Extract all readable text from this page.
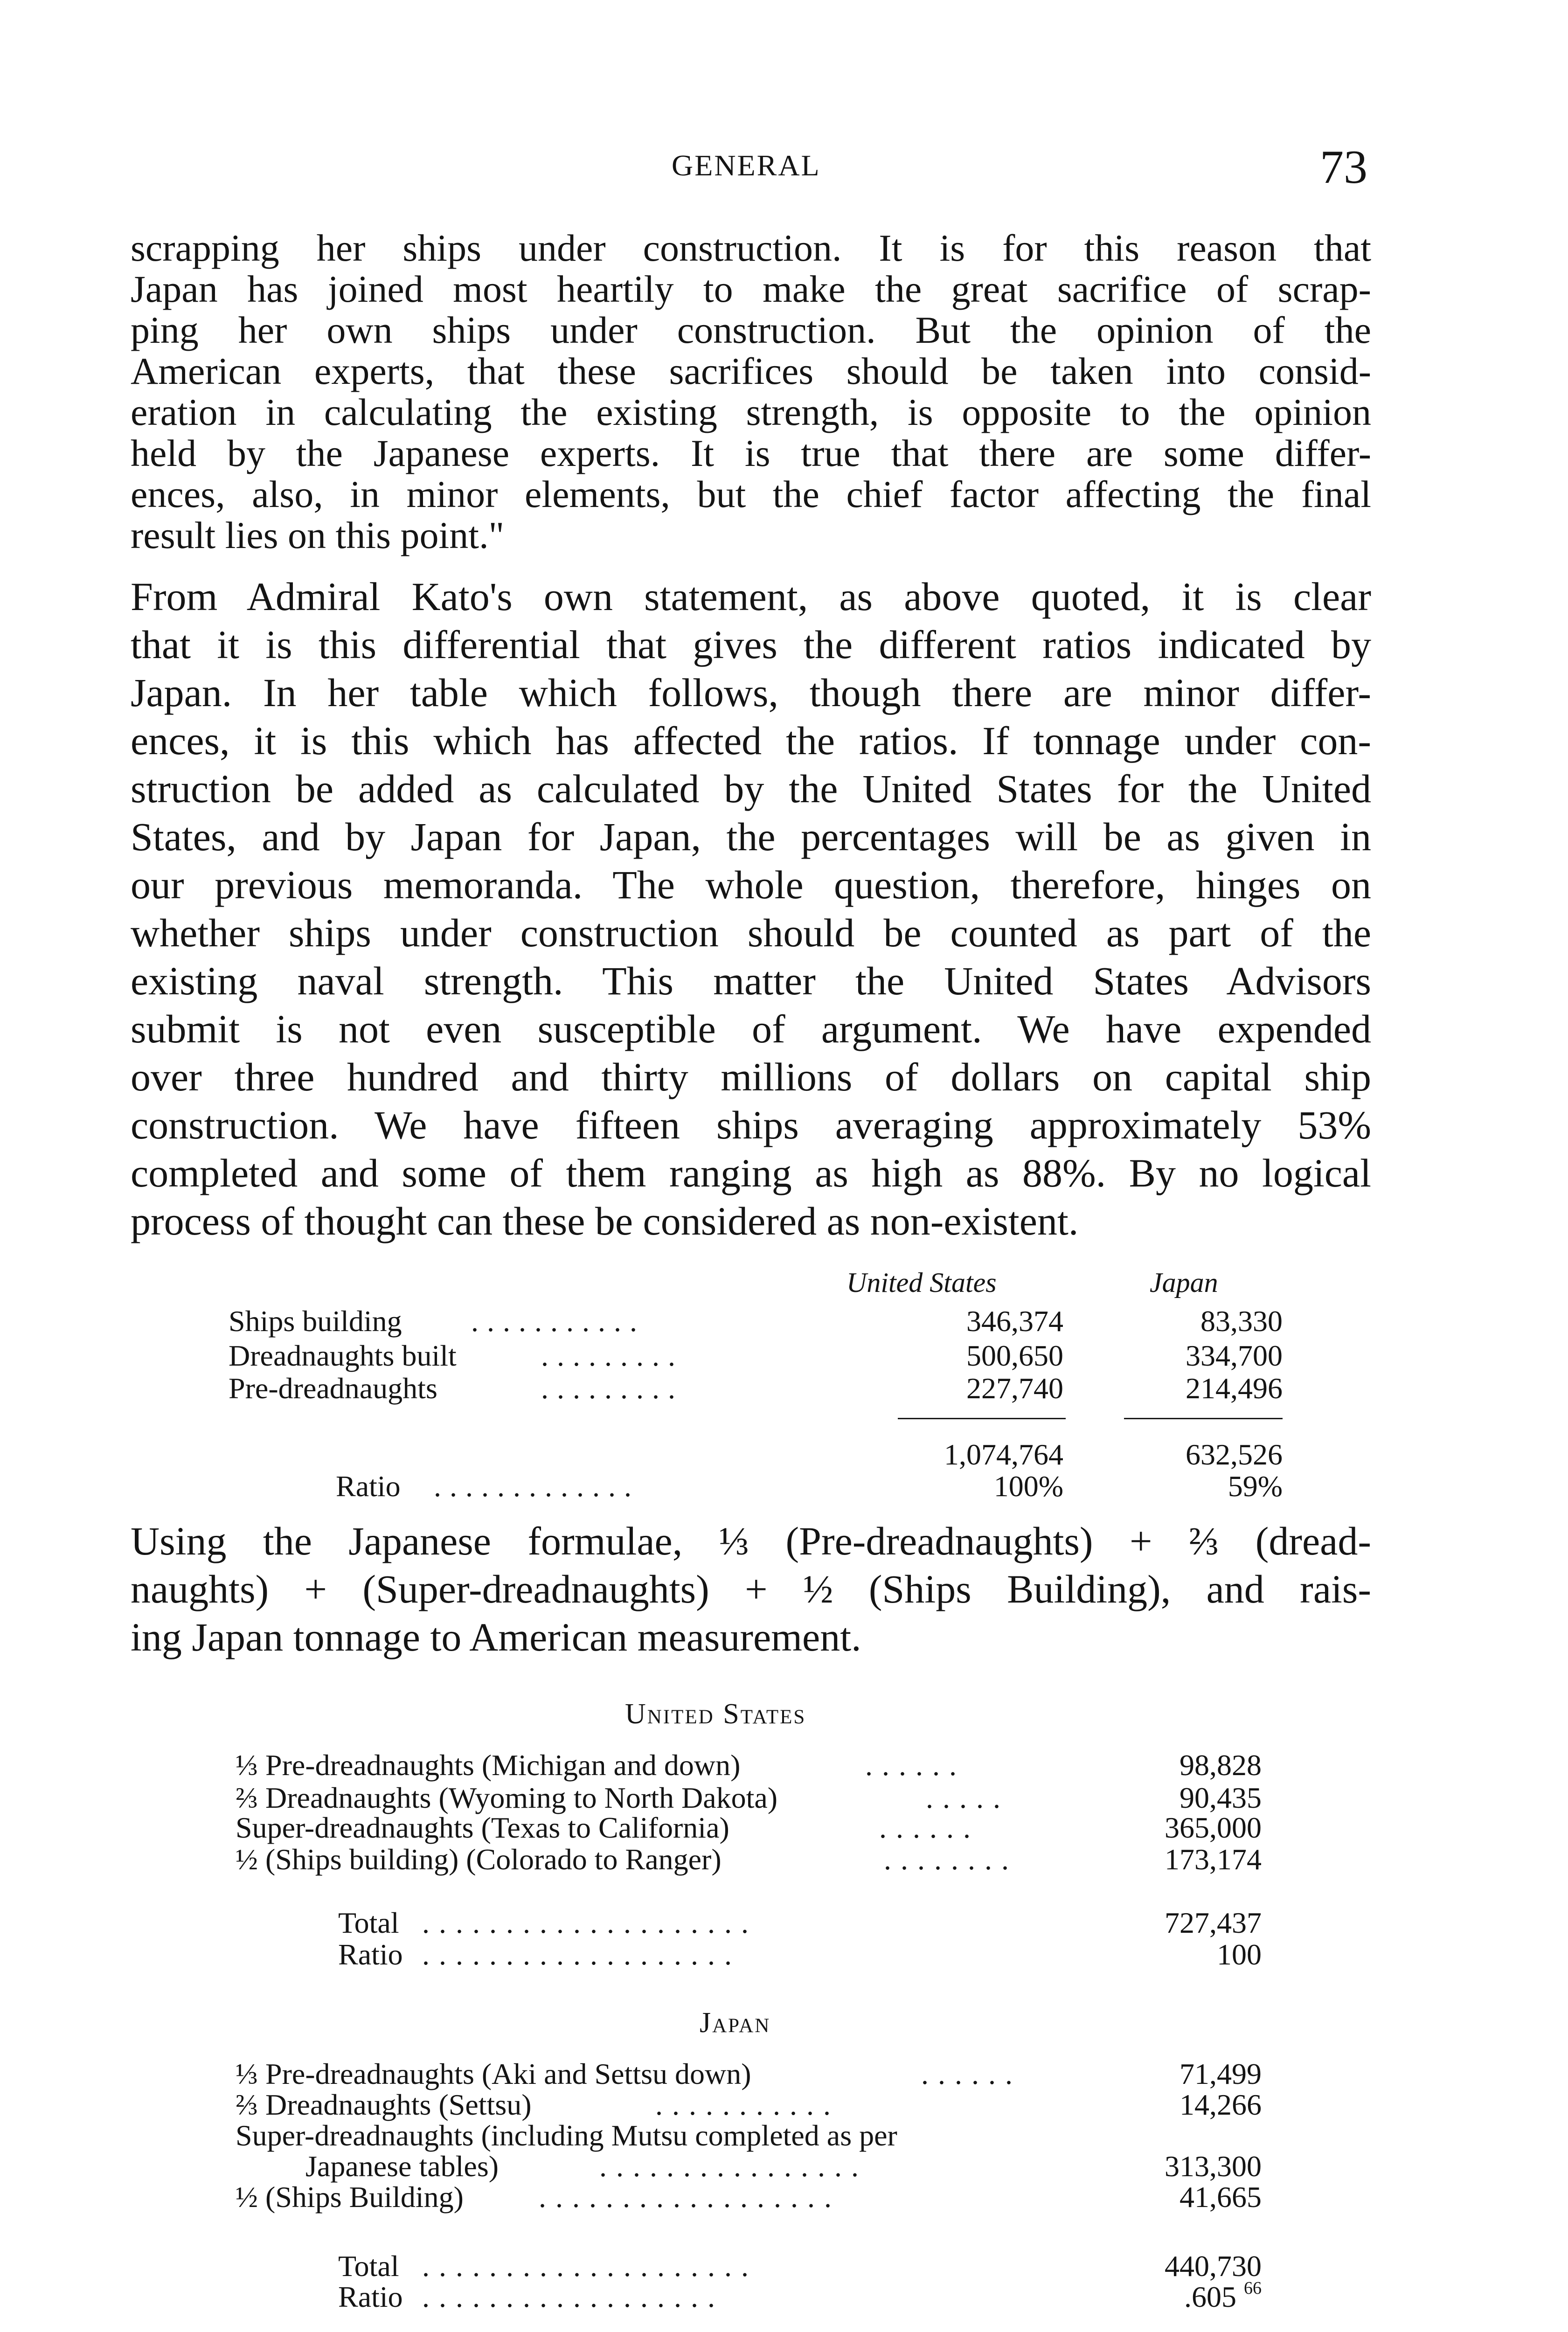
GENERAL	73
scrapping her ships under construction. It is for this reason that
Japan has joined most heartily to make the great sacrifice of scrap-
ping her own ships under construction. But the opinion of the
American experts, that these sacrifices should be taken into consid-
eration in calculating the existing strength, is opposite to the opinion
held by the Japanese experts. It is true that there are some differ-
ences, also, in minor elements, but the chief factor affecting the final
result lies on this point."
From Admiral Kato's own statement, as above quoted, it is clear
that it is this differential that gives the different ratios indicated by
Japan. In her table which follows, though there are minor differ-
ences, it is this which has affected the ratios. If tonnage under con-
struction be added as calculated by the United States for the United
States, and by Japan for Japan, the percentages will be as given in
our previous memoranda. The whole question, therefore, hinges on
whether ships under construction should be counted as part of the
existing naval strength. This matter the United States Advisors
submit is not even susceptible of argument. We have expended
over three hundred and thirty millions of dollars on capital ship
construction. We have fifteen ships averaging approximately 53%
completed and some of them ranging as high as 88%. By no logical
process of thought can these be considered as non-existent.
United States	Japan
Ships building ...........	346,374	83,330
Dreadnaughts built	.........	500,650	334,700
Pre-dreadnaughts	.........	227,740	214,496
1,074,764	632,526
Ratio .............	100%	59%
Using the Japanese formulae, ⅓ (Pre-dreadnaughts) + ⅔ (dread-
naughts) + (Super-dreadnaughts) + ½ (Ships Building), and rais-
ing Japan tonnage to American measurement.
United States
⅓ Pre-dreadnaughts (Michigan and down)	......	98,828
⅔ Dreadnaughts (Wyoming to North Dakota)	.....	90,435
Super-dreadnaughts (Texas to California)	......	365,000
½ (Ships building) (Colorado to Ranger)	........	173,174
Total ....................	727,437
Ratio ...................	100
Japan
⅓ Pre-dreadnaughts (Aki and Settsu down)	......	71,499
⅔ Dreadnaughts (Settsu)	...........	14,266
Super-dreadnaughts (including Mutsu completed as per
Japanese tables)	................	313,300
½ (Ships Building)	..................	41,665
Total ....................	440,730
Ratio ..................	.605 $^{66}$
